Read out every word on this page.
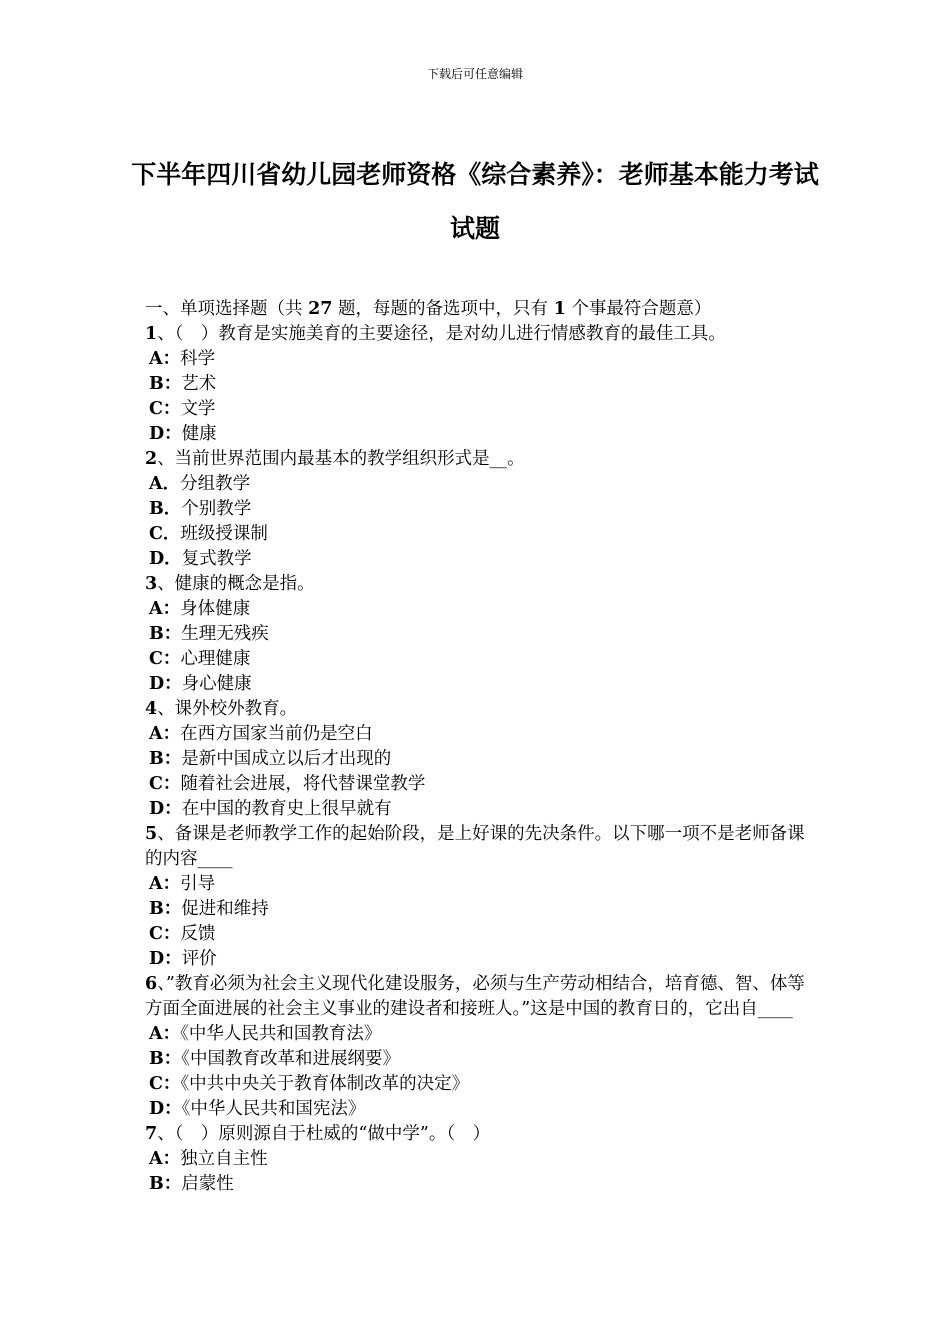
下载后可任意编辑
下半年四川省幼儿园老师资格《综合素养》：老师基本能力考试试题

一、单项选择题（共 27 题，每题的备选项中，只有 1 个事最符合题意）

1、（　）教育是实施美育的主要途径，是对幼儿进行情感教育的最佳工具。

A：科学
B：艺术
C：文学
D：健康

2、当前世界范围内最基本的教学组织形式是__。

A．分组教学
B．个别教学
C．班级授课制
D．复式教学

3、健康的概念是指。

A：身体健康
B：生理无残疾
C：心理健康
D：身心健康

4、课外校外教育。

A：在西方国家当前仍是空白
B：是新中国成立以后才出现的
C：随着社会进展，将代替课堂教学
D：在中国的教育史上很早就有

5、备课是老师教学工作的起始阶段，是上好课的先决条件。以下哪一项不是老师备课的内容____

A：引导
B：促进和维持
C：反馈
D：评价

6、”教育必须为社会主义现代化建设服务，必须与生产劳动相结合，培育德、智、体等方面全面进展的社会主义事业的建设者和接班人。”这是中国的教育日的，它出自____

A：《中华人民共和国教育法》
B：《中国教育改革和进展纲要》
C：《中共中央关于教育体制改革的决定》
D：《中华人民共和国宪法》

7、（　）原则源自于杜威的“做中学”。（　）

A：独立自主性
B：启蒙性
